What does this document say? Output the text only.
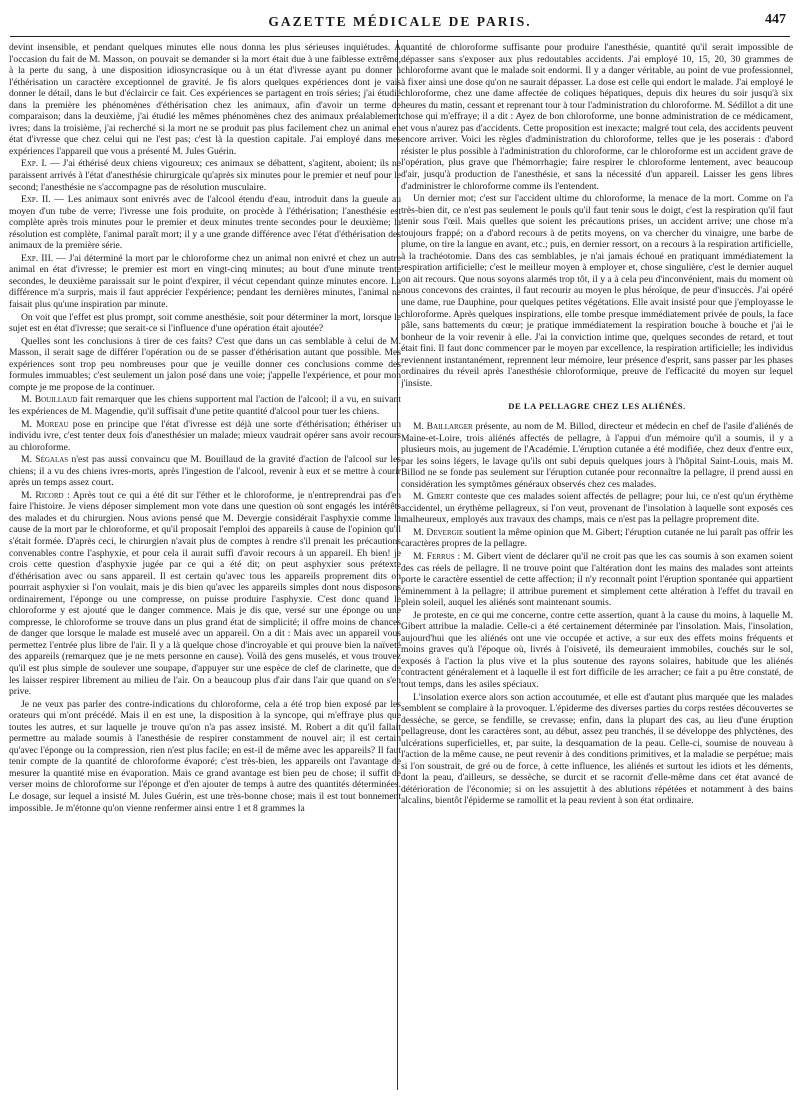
GAZETTE MÉDICALE DE PARIS.	447

devint insensible, et pendant quelques minutes elle nous donna les plus sérieuses inquiétudes. A l'occasion du fait de M. Masson, on pouvait se demander si la mort était due à une faiblesse extrême, à la perte du sang, à une disposition idiosyncrasique ou à un état d'ivresse ayant pu donner à l'éthérisation un caractère exceptionnel de gravité. Je fis alors quelques expériences dont je vais donner le détail, dans le but d'éclaircir ce fait. Ces expériences se partagent en trois séries; j'ai étudié dans la première les phénomènes d'éthérisation chez les animaux, afin d'avoir un terme de comparaison; dans la deuxième, j'ai étudié les mêmes phénomènes chez des animaux préalablement ivres; dans la troisième, j'ai recherché si la mort ne se produit pas plus facilement chez un animal en état d'ivresse que chez celui qui ne l'est pas; c'est là la question capitale. J'ai employé dans mes expériences l'appareil que vous a présenté M. Jules Guérin.

Exp. I. — J'ai éthérisé deux chiens vigoureux; ces animaux se débattent, s'agitent, aboient; ils ne paraissent arrivés à l'état d'anesthésie chirurgicale qu'après six minutes pour le premier et neuf pour le second; l'anesthésie ne s'accompagne pas de résolution musculaire.

Exp. II. — Les animaux sont enivrés avec de l'alcool étendu d'eau, introduit dans la gueule au moyen d'un tube de verre; l'ivresse une fois produite, on procède à l'éthérisation; l'anesthésie est complète après trois minutes pour le premier et deux minutes trente secondes pour le deuxième; la résolution est complète, l'animal paraît mort; il y a une grande différence avec l'état d'éthérisation des animaux de la première série.

Exp. III. — J'ai déterminé la mort par le chloroforme chez un animal non enivré et chez un autre animal en état d'ivresse; le premier est mort en vingt-cinq minutes; au bout d'une minute trente secondes, le deuxième paraissait sur le point d'expirer, il vécut cependant quinze minutes encore. La différence m'a surpris, mais il faut apprécier l'expérience; pendant les dernières minutes, l'animal ne faisait plus qu'une inspiration par minute.

On voit que l'effet est plus prompt, soit comme anesthésie, soit pour déterminer la mort, lorsque le sujet est en état d'ivresse; que serait-ce si l'influence d'une opération était ajoutée?

Quelles sont les conclusions à tirer de ces faits? C'est que dans un cas semblable à celui de M. Masson, il serait sage de différer l'opération ou de se passer d'éthérisation autant que possible. Mes expériences sont trop peu nombreuses pour que je veuille donner ces conclusions comme des formules immuables; c'est seulement un jalon posé dans une voie; j'appelle l'expérience, et pour mon compte je me propose de la continuer.

M. Bouillaud fait remarquer que les chiens supportent mal l'action de l'alcool; il a vu, en suivant les expériences de M. Magendie, qu'il suffisait d'une petite quantité d'alcool pour tuer les chiens.

M. Moreau pose en principe que l'état d'ivresse est déjà une sorte d'éthérisation; éthériser un individu ivre, c'est tenter deux fois d'anesthésier un malade; mieux vaudrait opérer sans avoir recours au chloroforme.

M. Ségalas n'est pas aussi convaincu que M. Bouillaud de la gravité d'action de l'alcool sur les chiens; il a vu des chiens ivres-morts, après l'ingestion de l'alcool, revenir à eux et se mettre à courir après un temps assez court.

M. Ricord : Après tout ce qui a été dit sur l'éther et le chloroforme, je n'entreprendrai pas d'en faire l'histoire. Je viens déposer simplement mon vote dans une question où sont engagés les intérêts des malades et du chirurgien. Nous avions pensé que M. Devergie considérait l'asphyxie comme la cause de la mort par le chloroforme, et qu'il proposait l'emploi des appareils à cause de l'opinion qu'il s'était formée. D'après ceci, le chirurgien n'avait plus de comptes à rendre s'il prenait les précautions convenables contre l'asphyxie, et pour cela il aurait suffi d'avoir recours à un appareil. Eh bien! je crois cette question d'asphyxie jugée par ce qui a été dit; on peut asphyxier sous prétexte d'éthérisation avec ou sans appareil. Il est certain qu'avec tous les appareils proprement dits on pourrait asphyxier si l'on voulait, mais je dis bien qu'avec les appareils simples dont nous disposons ordinairement, l'éponge ou une compresse, on puisse produire l'asphyxie. C'est donc quand le chloroforme y est ajouté que le danger commence. Mais je dis que, versé sur une éponge ou une compresse, le chloroforme se trouve dans un plus grand état de simplicité; il offre moins de chances de danger que lorsque le malade est muselé avec un appareil. On a dit : Mais avec un appareil vous permettez l'entrée plus libre de l'air. Il y a là quelque chose d'incroyable et qui prouve bien la naïveté des appareils (remarquez que je ne mets personne en cause). Voilà des gens muselés, et vous trouvez qu'il est plus simple de soulever une soupape, d'appuyer sur une espèce de clef de clarinette, que de les laisser respirer librement au milieu de l'air. On a beaucoup plus d'air dans l'air que quand on s'en prive.

Je ne veux pas parler des contre-indications du chloroforme, cela a été trop bien exposé par les orateurs qui m'ont précédé. Mais il en est une, la disposition à la syncope, qui m'effraye plus que toutes les autres, et sur laquelle je trouve qu'on n'a pas assez insisté. M. Robert a dit qu'il fallait permettre au malade soumis à l'anesthésie de respirer constamment de nouvel air; il est certain qu'avec l'éponge ou la compression, rien n'est plus facile; en est-il de même avec les appareils? Il faut tenir compte de la quantité de chloroforme évaporé; c'est très-bien, les appareils ont l'avantage de mesurer la quantité mise en évaporation. Mais ce grand avantage est bien peu de chose; il suffit de verser moins de chloroforme sur l'éponge et d'en ajouter de temps à autre des quantités déterminées. Le dosage, sur lequel a insisté M. Jules Guérin, est une très-bonne chose; mais il est tout bonnement impossible. Je m'étonne qu'on vienne renfermer ainsi entre 1 et 8 grammes la

quantité de chloroforme suffisante pour produire l'anesthésie, quantité qu'il serait impossible de dépasser sans s'exposer aux plus redoutables accidents. J'ai employé 10, 15, 20, 30 grammes de chloroforme avant que le malade soit endormi. Il y a danger véritable, au point de vue professionnel, à fixer ainsi une dose qu'on ne saurait dépasser. La dose est celle qui endort le malade. J'ai employé le chloroforme, chez une dame affectée de coliques hépatiques, depuis dix heures du soir jusqu'à six heures du matin, cessant et reprenant tour à tour l'administration du chloroforme. M. Sédillot a dit une chose qui m'effraye; il a dit : Ayez de bon chloroforme, une bonne administration de ce médicament, et vous n'aurez pas d'accidents. Cette proposition est inexacte; malgré tout cela, des accidents peuvent encore arriver. Voici les règles d'administration du chloroforme, telles que je les poserais : d'abord résister le plus possible à l'administration du chloroforme, car le chloroforme est un accident grave de l'opération, plus grave que l'hémorrhagie; faire respirer le chloroforme lentement, avec beaucoup d'air, jusqu'à production de l'anesthésie, et sans la nécessité d'un appareil. Laisser les gens libres d'administrer le chloroforme comme ils l'entendent.

Un dernier mot; c'est sur l'accident ultime du chloroforme, la menace de la mort. Comme on l'a très-bien dit, ce n'est pas seulement le pouls qu'il faut tenir sous le doigt, c'est la respiration qu'il faut tenir sous l'œil. Mais quelles que soient les précautions prises, un accident arrive; une chose m'a toujours frappé; on a d'abord recours à de petits moyens, on va chercher du vinaigre, une barbe de plume, on tire la langue en avant, etc.; puis, en dernier ressort, on a recours à la respiration artificielle, à la trachéotomie. Dans des cas semblables, je n'ai jamais échoué en pratiquant immédiatement la respiration artificielle; c'est le meilleur moyen à employer et, chose singulière, c'est le dernier auquel on ait recours. Que nous soyons alarmés trop tôt, il y a à cela peu d'inconvénient, mais du moment où nous concevons des craintes, il faut recourir au moyen le plus héroïque, de peur d'insuccès. J'ai opéré une dame, rue Dauphine, pour quelques petites végétations. Elle avait insisté pour que j'employasse le chloroforme. Après quelques inspirations, elle tombe presque immédiatement privée de pouls, la face pâle, sans battements du cœur; je pratique immédiatement la respiration bouche à bouche et j'ai le bonheur de la voir revenir à elle. J'ai la conviction intime que, quelques secondes de retard, et tout était fini. Il faut donc commencer par le moyen par excellence, la respiration artificielle; les individus reviennent instantanément, reprennent leur mémoire, leur présence d'esprit, sans passer par les phases ordinaires du réveil après l'anesthésie chloroformique, preuve de l'efficacité du moyen sur lequel j'insiste.

DE LA PELLAGRE CHEZ LES ALIÉNÉS.

M. Baillarger présente, au nom de M. Billod, directeur et médecin en chef de l'asile d'aliénés de Maine-et-Loire, trois aliénés affectés de pellagre, à l'appui d'un mémoire qu'il a soumis, il y a plusieurs mois, au jugement de l'Académie. L'éruption cutanée a été modifiée, chez deux d'entre eux, par les soins légers, le lavage qu'ils ont subi depuis quelques jours à l'hôpital Saint-Louis, mais M. Billod ne se fonde pas seulement sur l'éruption cutanée pour reconnaître la pellagre, il prend aussi en considération les symptômes généraux observés chez ces malades.

M. Gibert conteste que ces malades soient affectés de pellagre; pour lui, ce n'est qu'un érythème accidentel, un érythème pellagreux, si l'on veut, provenant de l'insolation à laquelle sont exposés ces malheureux, employés aux travaux des champs, mais ce n'est pas la pellagre proprement dite.

M. Devergie soutient la même opinion que M. Gibert; l'éruption cutanée ne lui paraît pas offrir les caractères propres de la pellagre.

M. Ferrus : M. Gibert vient de déclarer qu'il ne croit pas que les cas soumis à son examen soient des cas réels de pellagre. Il ne trouve point que l'altération dont les mains des malades sont atteints porte le caractère essentiel de cette affection; il n'y reconnaît point l'éruption spontanée qui appartient éminemment à la pellagre; il attribue purement et simplement cette altération à l'effet du travail en plein soleil, auquel les aliénés sont maintenant soumis.

Je proteste, en ce qui me concerne, contre cette assertion, quant à la cause du moins, à laquelle M. Gibert attribue la maladie. Celle-ci a été certainement déterminée par l'insolation. Mais, l'insolation, aujourd'hui que les aliénés ont une vie occupée et active, a sur eux des effets moins fréquents et moins graves qu'à l'époque où, livrés à l'oisiveté, ils demeuraient immobiles, couchés sur le sol, exposés à l'action la plus vive et la plus soutenue des rayons solaires, habitude que les aliénés contractent généralement et à laquelle il est fort difficile de les arracher; ce fait a pu être constaté, de tout temps, dans les asiles spéciaux.

L'insolation exerce alors son action accoutumée, et elle est d'autant plus marquée que les malades semblent se complaire à la provoquer. L'épiderme des diverses parties du corps restées découvertes se dessèche, se gerce, se fendille, se crevasse; enfin, dans la plupart des cas, au lieu d'une éruption pellagreuse, dont les caractères sont, au début, assez peu tranchés, il se développe des phlyctènes, des ulcérations superficielles, et, par suite, la desquamation de la peau. Celle-ci, soumise de nouveau à l'action de la même cause, ne peut revenir à des conditions primitives, et la maladie se perpétue; mais si l'on soustrait, de gré ou de force, à cette influence, les aliénés et surtout les idiots et les déments, dont la peau, d'ailleurs, se dessèche, se durcit et se racornit d'elle-même dans cet état avancé de détérioration de l'économie; si on les assujettit à des ablutions répétées et notamment à des bains alcalins, bientôt l'épiderme se ramollit et la peau revient à son état ordinaire.
